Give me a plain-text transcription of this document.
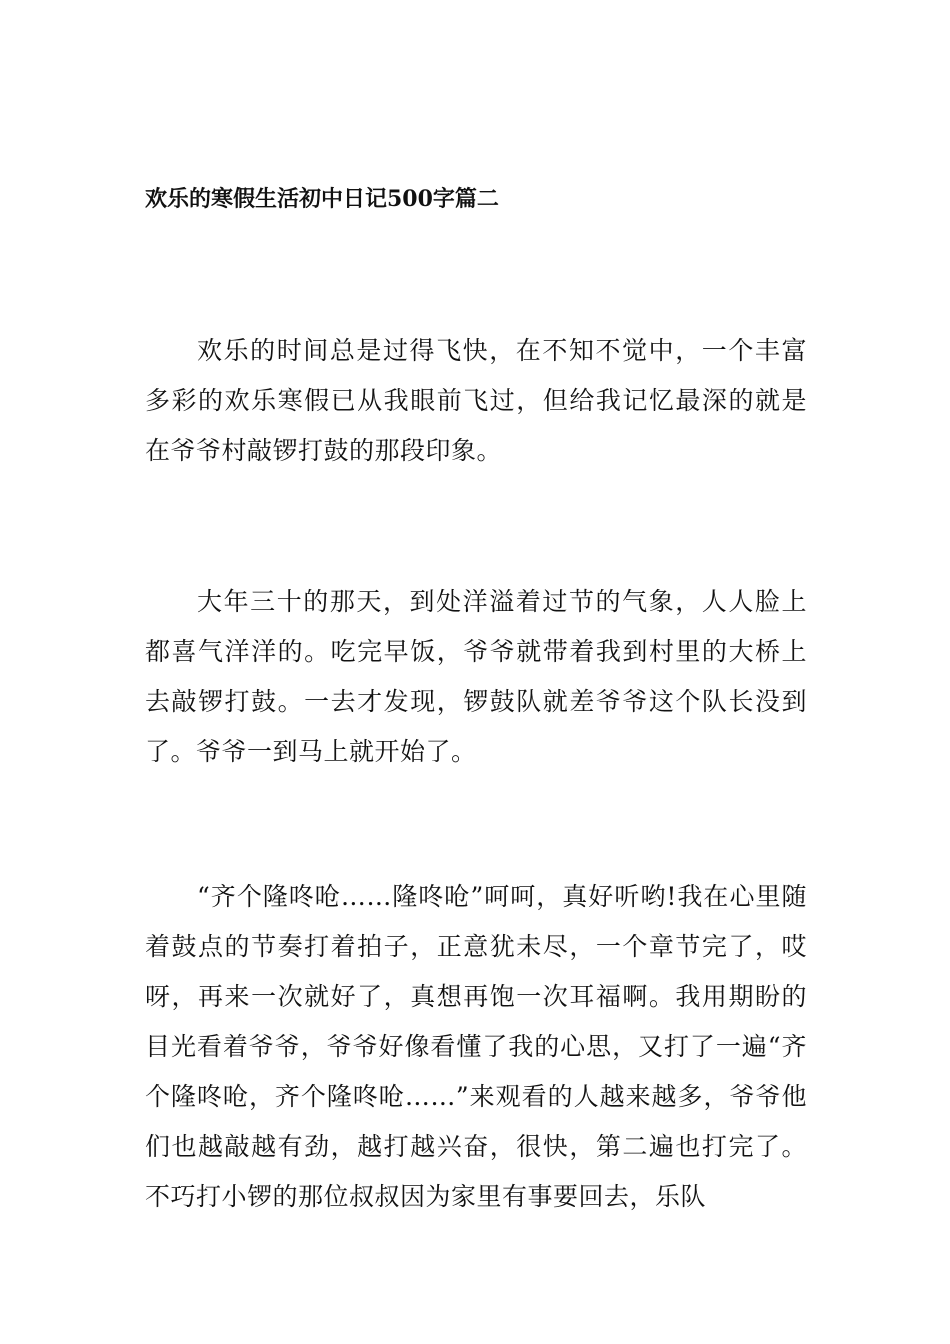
欢乐的寒假生活初中日记500字篇二

欢乐的时间总是过得飞快，在不知不觉中，一个丰富多彩的欢乐寒假已从我眼前飞过，但给我记忆最深的就是在爷爷村敲锣打鼓的那段印象。

大年三十的那天，到处洋溢着过节的气象，人人脸上都喜气洋洋的。吃完早饭，爷爷就带着我到村里的大桥上去敲锣打鼓。一去才发现，锣鼓队就差爷爷这个队长没到了。爷爷一到马上就开始了。

“齐个隆咚呛……隆咚呛”呵呵，真好听哟!我在心里随着鼓点的节奏打着拍子，正意犹未尽，一个章节完了，哎呀，再来一次就好了，真想再饱一次耳福啊。我用期盼的目光看着爷爷，爷爷好像看懂了我的心思，又打了一遍“齐个隆咚呛，齐个隆咚呛……”来观看的人越来越多，爷爷他们也越敲越有劲，越打越兴奋，很快，第二遍也打完了。不巧打小锣的那位叔叔因为家里有事要回去，乐队
